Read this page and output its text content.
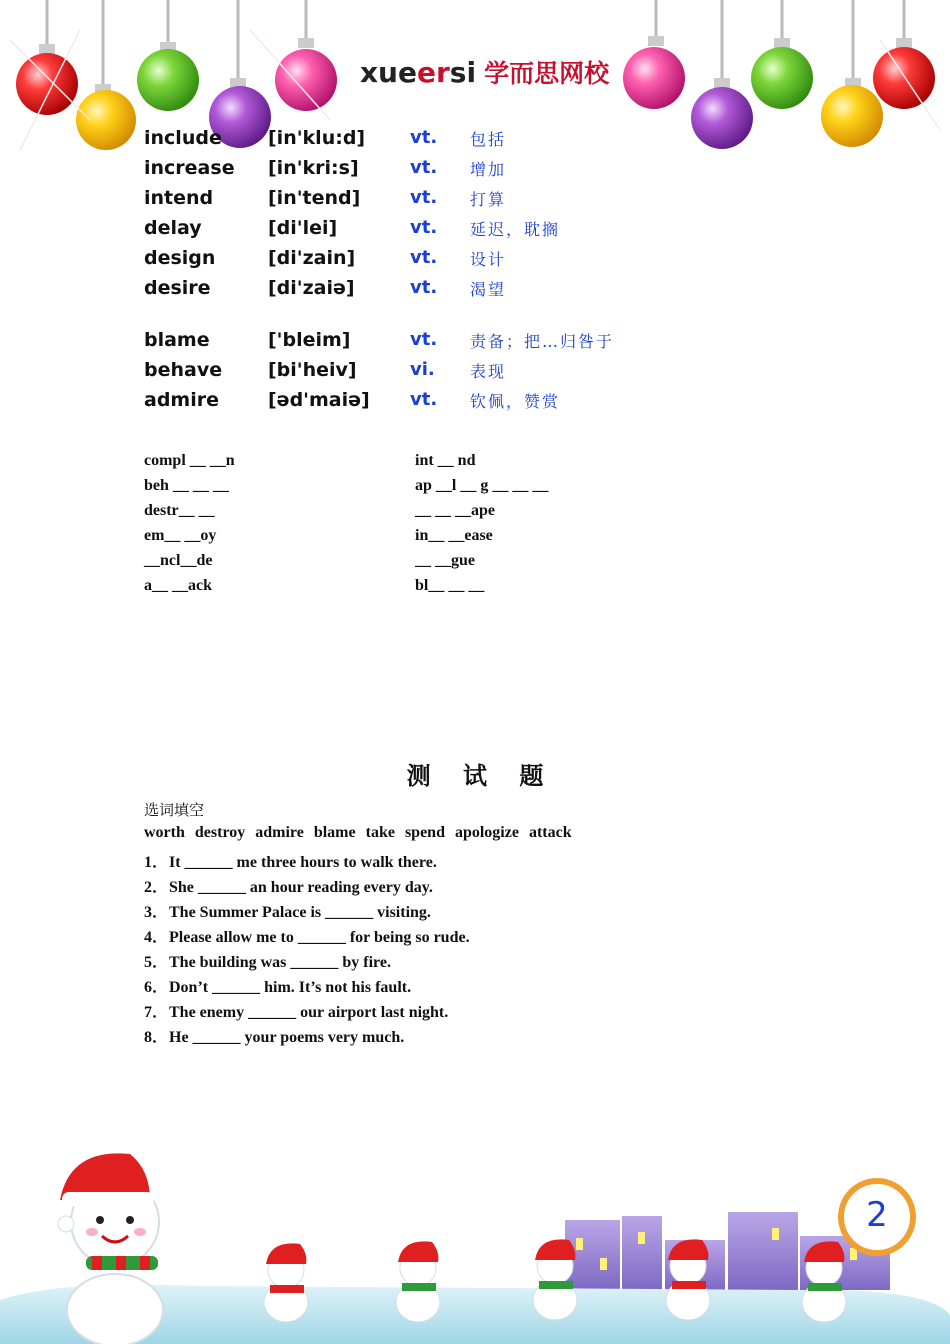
xueersi 学而思网校
include [in'klu:d] vt. 包括
increase [in'kri:s]	vt. 增加
intend	[in'tend]	vt. 打算
delay	[di'lei]	vt. 延迟，耽搁
design	[di'zain]	vt. 设计
desire	[di'zaiə]	vt. 渴望
blame	['bleim]	vt. 责备；把…归咎于
behave [bi'heiv]	vi. 表现
admire	[əd'maiə] vt. 钦佩，赞赏
compl __ __n
beh __ __ __
destr__ __
em__ __oy
__ncl__de
a__ __ack
int __ nd
ap __l __ g __ __ __
__ __ __ape
in__ __ease
__ __gue
bl__ __ __
测 试 题
选词填空
worth destroy admire blame take spend apologize attack
1．It ______ me three hours to walk there.
2．She ______ an hour reading every day.
3．The Summer Palace is ______ visiting.
4．Please allow me to ______ for being so rude.
5．The building was ______ by fire.
6．Don’t ______ him. It’s not his fault.
7．The enemy ______ our airport last night.
8．He ______ your poems very much.
2
